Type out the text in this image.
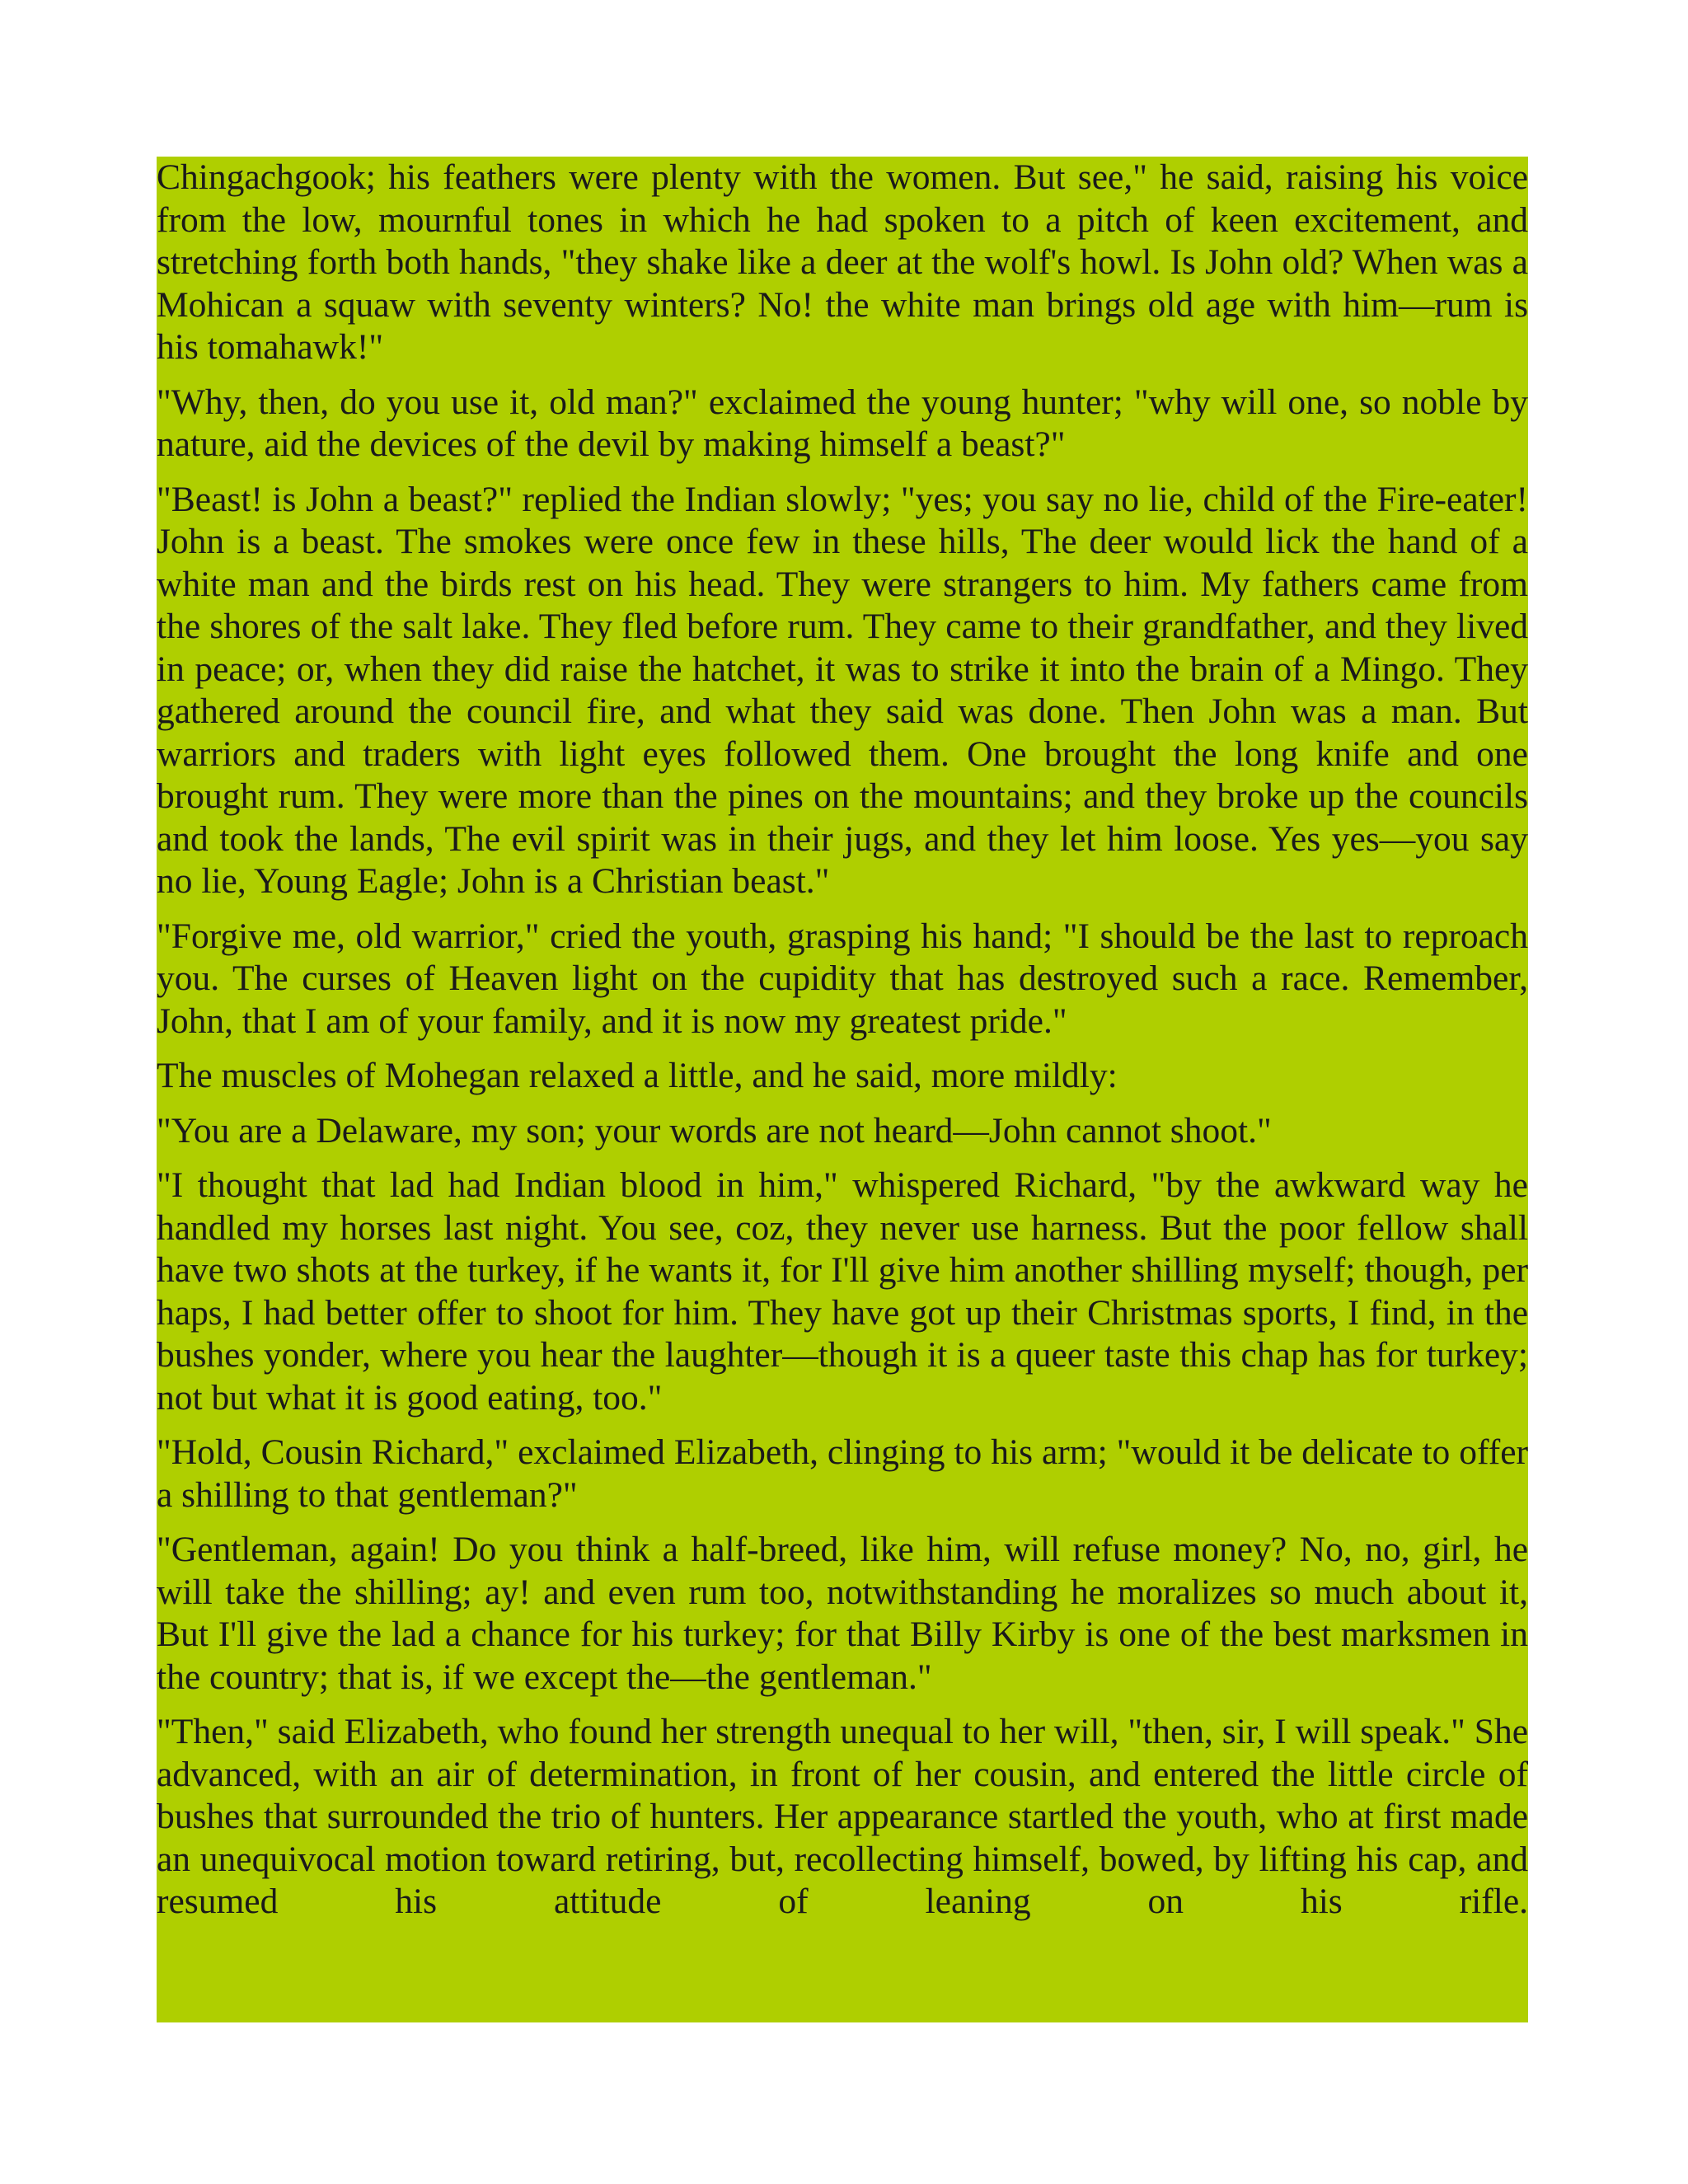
Chingachgook; his feathers were plenty with the women. But see," he said, raising his voice from the low, mournful tones in which he had spoken to a pitch of keen excitement, and stretching forth both hands, "they shake like a deer at the wolf's howl. Is John old? When was a Mohican a squaw with seventy winters? No! the white man brings old age with him—rum is his tomahawk!"

"Why, then, do you use it, old man?" exclaimed the young hunter; "why will one, so noble by nature, aid the devices of the devil by making himself a beast?"

"Beast! is John a beast?" replied the Indian slowly; "yes; you say no lie, child of the Fire-eater! John is a beast. The smokes were once few in these hills, The deer would lick the hand of a white man and the birds rest on his head. They were strangers to him. My fathers came from the shores of the salt lake. They fled before rum. They came to their grandfather, and they lived in peace; or, when they did raise the hatchet, it was to strike it into the brain of a Mingo. They gathered around the council fire, and what they said was done. Then John was a man. But warriors and traders with light eyes followed them. One brought the long knife and one brought rum. They were more than the pines on the mountains; and they broke up the councils and took the lands, The evil spirit was in their jugs, and they let him loose. Yes yes—you say no lie, Young Eagle; John is a Christian beast."

"Forgive me, old warrior," cried the youth, grasping his hand; "I should be the last to reproach you. The curses of Heaven light on the cupidity that has destroyed such a race. Remember, John, that I am of your family, and it is now my greatest pride."

The muscles of Mohegan relaxed a little, and he said, more mildly:

"You are a Delaware, my son; your words are not heard—John cannot shoot."

"I thought that lad had Indian blood in him," whispered Richard, "by the awkward way he handled my horses last night. You see, coz, they never use harness. But the poor fellow shall have two shots at the turkey, if he wants it, for I'll give him another shilling myself; though, per haps, I had better offer to shoot for him. They have got up their Christmas sports, I find, in the bushes yonder, where you hear the laughter—though it is a queer taste this chap has for turkey; not but what it is good eating, too."

"Hold, Cousin Richard," exclaimed Elizabeth, clinging to his arm; "would it be delicate to offer a shilling to that gentleman?"

"Gentleman, again! Do you think a half-breed, like him, will refuse money? No, no, girl, he will take the shilling; ay! and even rum too, notwithstanding he moralizes so much about it, But I'll give the lad a chance for his turkey; for that Billy Kirby is one of the best marksmen in the country; that is, if we except the—the gentleman."

"Then," said Elizabeth, who found her strength unequal to her will, "then, sir, I will speak." She advanced, with an air of determination, in front of her cousin, and entered the little circle of bushes that surrounded the trio of hunters. Her appearance startled the youth, who at first made an unequivocal motion toward retiring, but, recollecting himself, bowed, by lifting his cap, and resumed his attitude of leaning on his rifle.
